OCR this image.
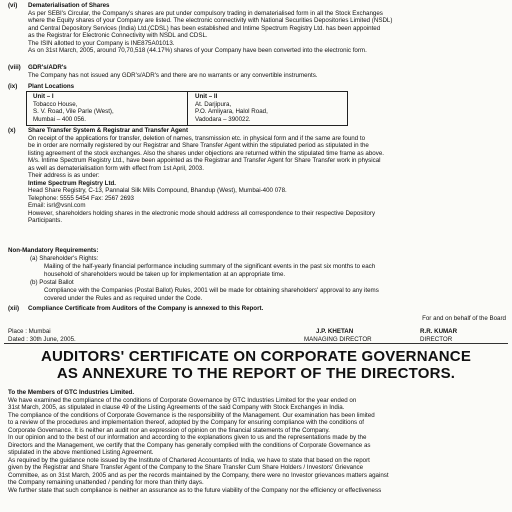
(vi)	Dematerialisation of Shares

As per SEBI's Circular, the Company's shares are put under compulsory trading in dematerialised form in all the Stock Exchanges

where the Equity shares of your Company are listed. The electronic connectivity with National Securities Depositories Limited (NSDL)

and Central Depository Services (India) Ltd.(CDSL) has been established and Intime Spectrum Registry Ltd. has been appointed

as the Registrar for Electronic Connectivity with NSDL and CDSL.

The ISIN allotted to your Company is INE875A01013.

As on 31st March, 2005, around 70,70,518 (44.17%) shares of your Company have been converted into the electronic form.

(viii)	GDR's/ADR's

The Company has not issued any GDR's/ADR's and there are no warrants or any convertible instruments.

(ix)	Plant Locations

Unit – I

Tobacco House,

S. V. Road, Vile Parle (West),

Mumbai – 400 056.

Unit – II

At. Darjipura,

P.O. Amliyara, Halol Road,

Vadodara – 390022.

(x)	Share Transfer System & Registrar and Transfer Agent

On receipt of the applications for transfer, deletion of names, transmission etc. in physical form and if the same are found to

be in order are normally registered by our Registrar and Share Transfer Agent within the stipulated period as stipulated in the

listing agreement of the stock exchanges. Also the shares under objections are returned within the stipulated time frame as above.

M/s. Intime Spectrum Registry Ltd., have been appointed as the Registrar and Transfer Agent for Share Transfer work in physical

as well as dematerialisation form with effect from 1st April, 2003.

Their address is as under:

Intime Spectrum Registry Ltd.

Head Share Registry, C-13, Pannalal Silk Mills Compound, Bhandup (West), Mumbai-400 078.

Telephone: 5555 5454 Fax: 2567 2693

Email: isrl@vsnl.com

However, shareholders holding shares in the electronic mode should address all correspondence to their respective Depository

Participants.

Non-Mandatory Requirements:

(a) Shareholder's Rights:

Mailing of the half-yearly financial performance including summary of the significant events in the past six months to each

household of shareholders would be taken up for implementation at an appropriate time.

(b) Postal Ballot

Compliance with the Companies (Postal Ballot) Rules, 2001 will be made for obtaining shareholders' approval to any items

covered under the Rules and as required under the Code.

(xii)	Compliance Certificate from Auditors of the Company is annexed to this Report.

For and on behalf of the Board
Place : Mumbai
Dated : 30th June, 2005.
J.P. KHETAN
MANAGING DIRECTOR
R.R. KUMAR
DIRECTOR
AUDITORS' CERTIFICATE ON CORPORATE GOVERNANCE
AS ANNEXURE TO THE REPORT OF THE DIRECTORS.

To the Members of GTC Industries Limited.

We have examined the compliance of the conditions of Corporate Governance by GTC Industries Limited for the year ended on

31st March, 2005, as stipulated in clause 49 of the Listing Agreements of the said Company with Stock Exchanges in India.

The compliance of the conditions of Corporate Governance is the responsibility of the Management. Our examination has been limited

to a review of the procedures and implementation thereof, adopted by the Company for ensuring compliance with the conditions of

Corporate Governance. It is neither an audit nor an expression of opinion on the financial statements of the Company.

In our opinion and to the best of our information and according to the explanations given to us and the representations made by the

Directors and the Management, we certify that the Company has generally complied with the conditions of Corporate Governance as

stipulated in the above mentioned Listing Agreement.

As required by the guidance note issued by the Institute of Chartered Accountants of India, we have to state that based on the report

given by the Registrar and Share Transfer Agent of the Company to the Share Transfer Cum Share Holders / Investors' Grievance

Committee, as on 31st March, 2005 and as per the records maintained by the Company, there were no Investor grievances matters against

the Company remaining unattended / pending for more than thirty days.

We further state that such compliance is neither an assurance as to the future viability of the Company nor the efficiency or effectiveness
